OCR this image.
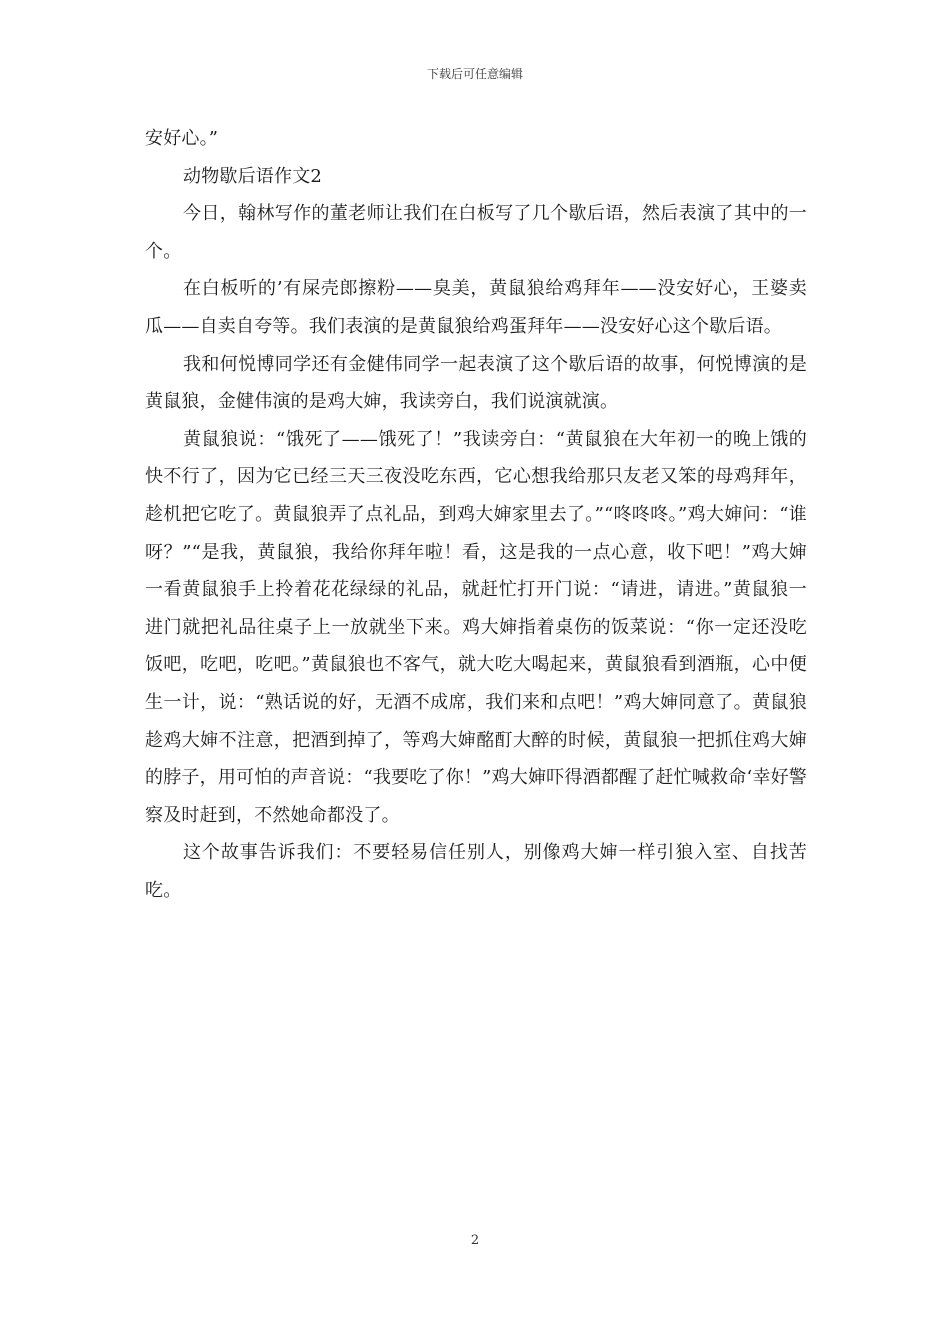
下载后可任意编辑

安好心。”

动物歇后语作文2

今日，翰林写作的董老师让我们在白板写了几个歇后语，然后表演了其中的一个。

在白板听的’有屎壳郎擦粉——臭美，黄鼠狼给鸡拜年——没安好心，王婆卖瓜——自卖自夸等。我们表演的是黄鼠狼给鸡蛋拜年——没安好心这个歇后语。

我和何悦博同学还有金健伟同学一起表演了这个歇后语的故事，何悦博演的是黄鼠狼，金健伟演的是鸡大婶，我读旁白，我们说演就演。

黄鼠狼说：“饿死了——饿死了！”我读旁白：“黄鼠狼在大年初一的晚上饿的快不行了，因为它已经三天三夜没吃东西，它心想我给那只友老又笨的母鸡拜年，趁机把它吃了。黄鼠狼弄了点礼品，到鸡大婶家里去了。”“咚咚咚。”鸡大婶问：“谁呀？”“是我，黄鼠狼，我给你拜年啦！看，这是我的一点心意，收下吧！”鸡大婶一看黄鼠狼手上拎着花花绿绿的礼品，就赶忙打开门说：“请进，请进。”黄鼠狼一进门就把礼品往桌子上一放就坐下来。鸡大婶指着桌伤的饭菜说：“你一定还没吃饭吧，吃吧，吃吧。”黄鼠狼也不客气，就大吃大喝起来，黄鼠狼看到酒瓶，心中便生一计，说：“熟话说的好，无酒不成席，我们来和点吧！”鸡大婶同意了。黄鼠狼趁鸡大婶不注意，把酒到掉了，等鸡大婶酩酊大醉的时候，黄鼠狼一把抓住鸡大婶的脖子，用可怕的声音说：“我要吃了你！”鸡大婶吓得酒都醒了赶忙喊救命‘幸好警察及时赶到，不然她命都没了。

这个故事告诉我们：不要轻易信任别人，别像鸡大婶一样引狼入室、自找苦吃。

2
